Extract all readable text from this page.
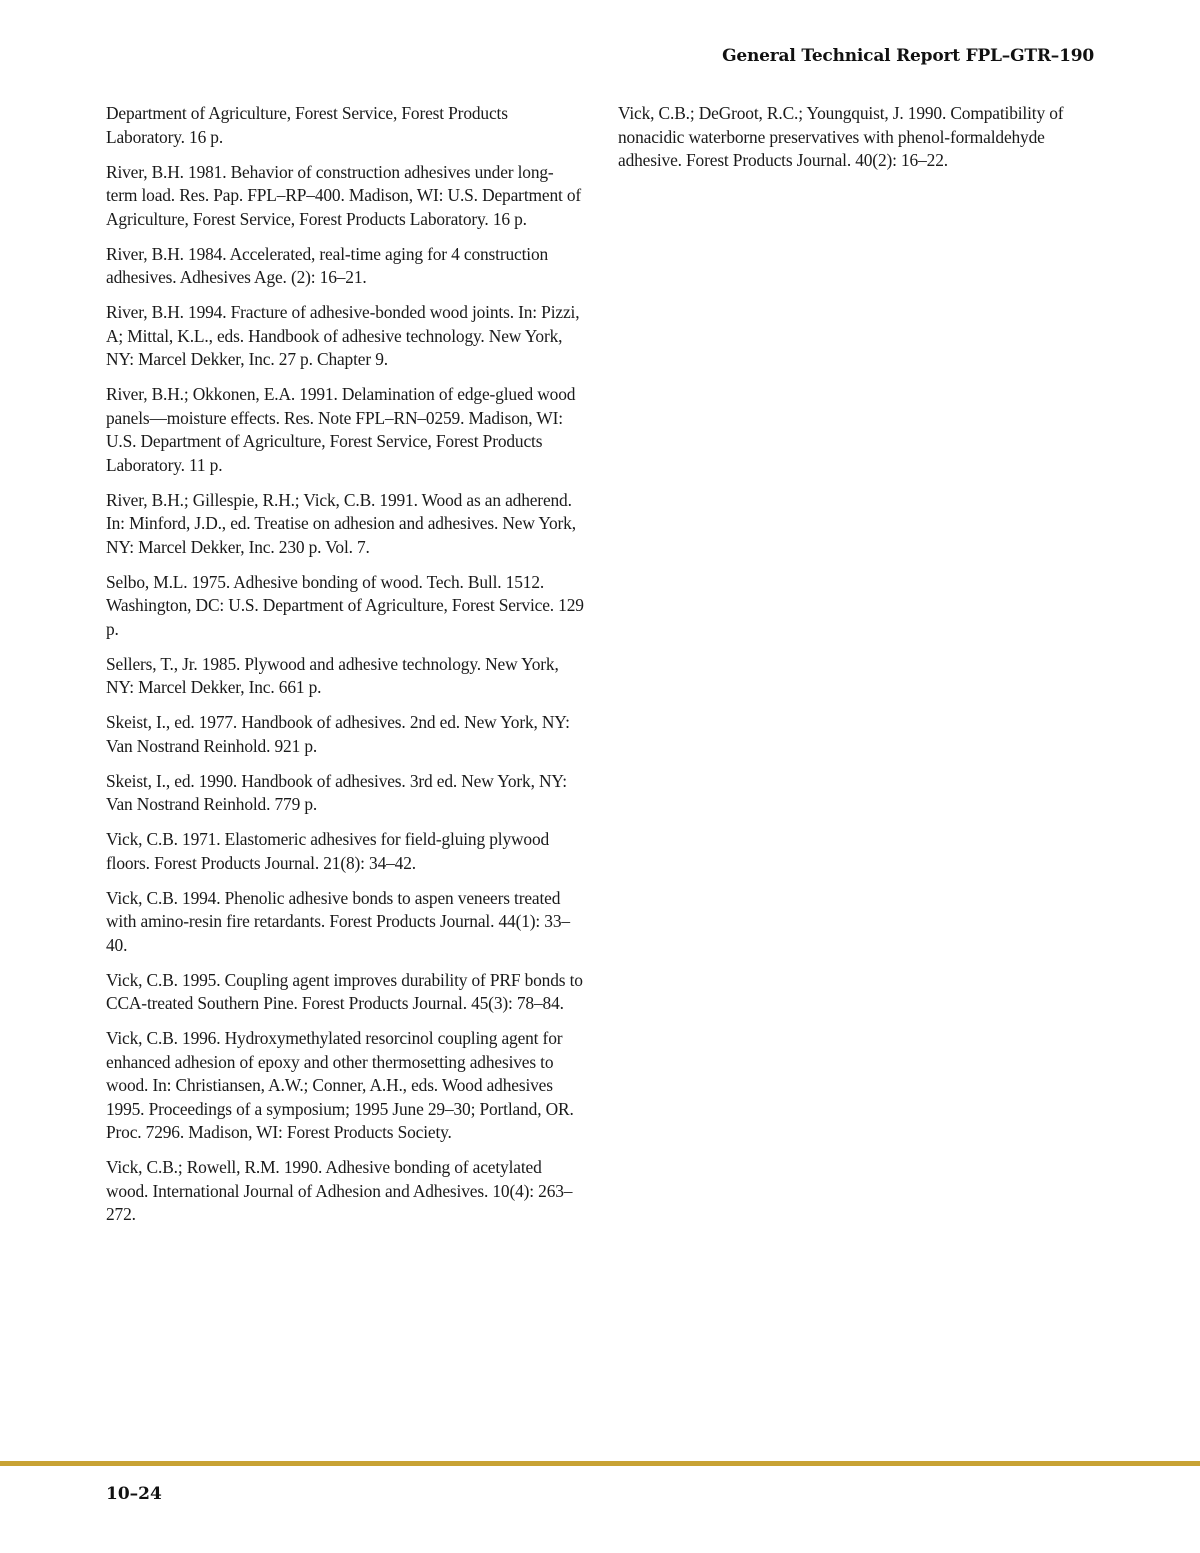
General Technical Report FPL–GTR–190

Department of Agriculture, Forest Service, Forest Products Laboratory. 16 p.

River, B.H. 1981. Behavior of construction adhesives under long-term load. Res. Pap. FPL–RP–400. Madison, WI: U.S. Department of Agriculture, Forest Service, Forest Products Laboratory. 16 p.

River, B.H. 1984. Accelerated, real-time aging for 4 construction adhesives. Adhesives Age. (2): 16–21.

River, B.H. 1994. Fracture of adhesive-bonded wood joints. In: Pizzi, A; Mittal, K.L., eds. Handbook of adhesive technology. New York, NY: Marcel Dekker, Inc. 27 p. Chapter 9.

River, B.H.; Okkonen, E.A. 1991. Delamination of edge-glued wood panels—moisture effects. Res. Note FPL–RN–0259. Madison, WI: U.S. Department of Agriculture, Forest Service, Forest Products Laboratory. 11 p.

River, B.H.; Gillespie, R.H.; Vick, C.B. 1991. Wood as an adherend. In: Minford, J.D., ed. Treatise on adhesion and adhesives. New York, NY: Marcel Dekker, Inc. 230 p. Vol. 7.

Selbo, M.L. 1975. Adhesive bonding of wood. Tech. Bull. 1512. Washington, DC: U.S. Department of Agriculture, Forest Service. 129 p.

Sellers, T., Jr. 1985. Plywood and adhesive technology. New York, NY: Marcel Dekker, Inc. 661 p.

Skeist, I., ed. 1977. Handbook of adhesives. 2nd ed. New York, NY: Van Nostrand Reinhold. 921 p.

Skeist, I., ed. 1990. Handbook of adhesives. 3rd ed. New York, NY: Van Nostrand Reinhold. 779 p.

Vick, C.B. 1971. Elastomeric adhesives for field-gluing plywood floors. Forest Products Journal. 21(8): 34–42.

Vick, C.B. 1994. Phenolic adhesive bonds to aspen veneers treated with amino-resin fire retardants. Forest Products Journal. 44(1): 33–40.

Vick, C.B. 1995. Coupling agent improves durability of PRF bonds to CCA-treated Southern Pine. Forest Products Journal. 45(3): 78–84.

Vick, C.B. 1996. Hydroxymethylated resorcinol coupling agent for enhanced adhesion of epoxy and other thermosetting adhesives to wood. In: Christiansen, A.W.; Conner, A.H., eds. Wood adhesives 1995. Proceedings of a symposium; 1995 June 29–30; Portland, OR. Proc. 7296. Madison, WI: Forest Products Society.

Vick, C.B.; Rowell, R.M. 1990. Adhesive bonding of acetylated wood. International Journal of Adhesion and Adhesives. 10(4): 263–272.

Vick, C.B.; DeGroot, R.C.; Youngquist, J. 1990. Compatibility of nonacidic waterborne preservatives with phenol-formaldehyde adhesive. Forest Products Journal. 40(2): 16–22.

10–24
